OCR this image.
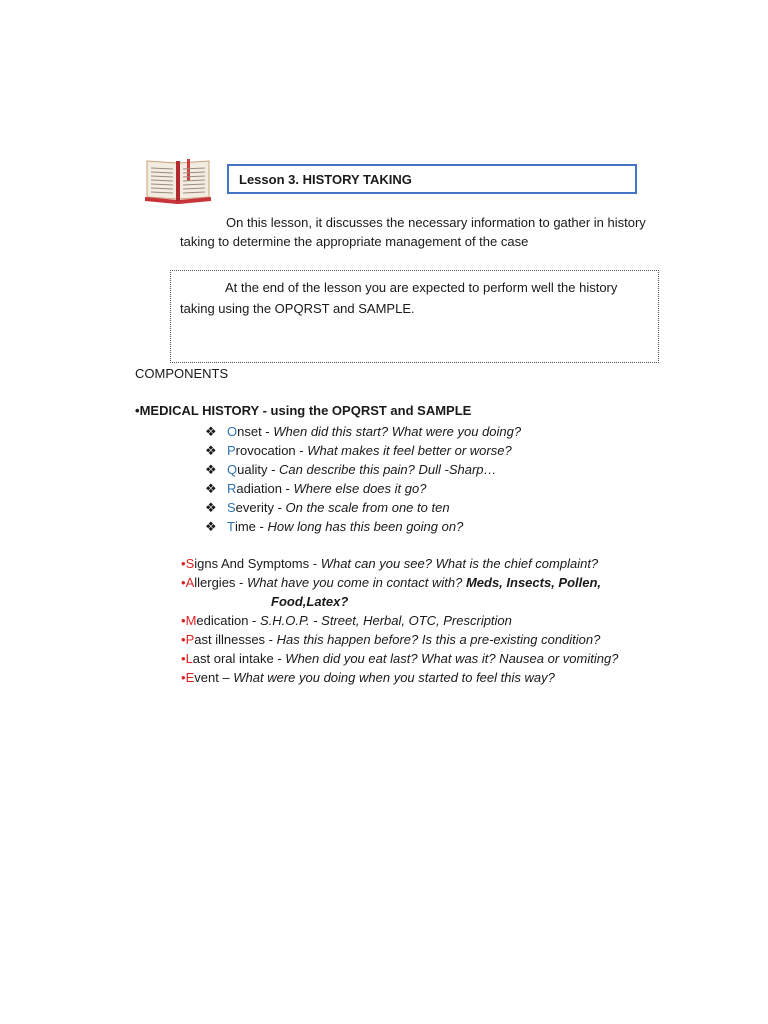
Lesson 3. HISTORY TAKING
On this lesson, it discusses the necessary information to gather in history
taking to determine the appropriate management of the case
At the end of the lesson you are expected to perform well the history
taking using the OPQRST and SAMPLE.
COMPONENTS
•MEDICAL HISTORY - using the OPQRST and SAMPLE
❖ O nset - When did this start? What were you doing?
❖ P rovocation - What makes it feel better or worse?
❖ Q uality - Can describe this pain? Dull -Sharp…
❖ R adiation - Where else does it go?
❖ S everity - On the scale from one to ten
❖ T ime - How long has this been going on?
•Signs And Symptoms - What can you see? What is the chief complaint?
•Allergies - What have you come in contact with? Meds, Insects, Pollen,
Food,Latex?
•Medication - S.H.O.P. - Street, Herbal, OTC, Prescription
•Past illnesses - Has this happen before? Is this a pre-existing condition?
•Last oral intake - When did you eat last? What was it? Nausea or vomiting?
•Event – What were you doing when you started to feel this way?
